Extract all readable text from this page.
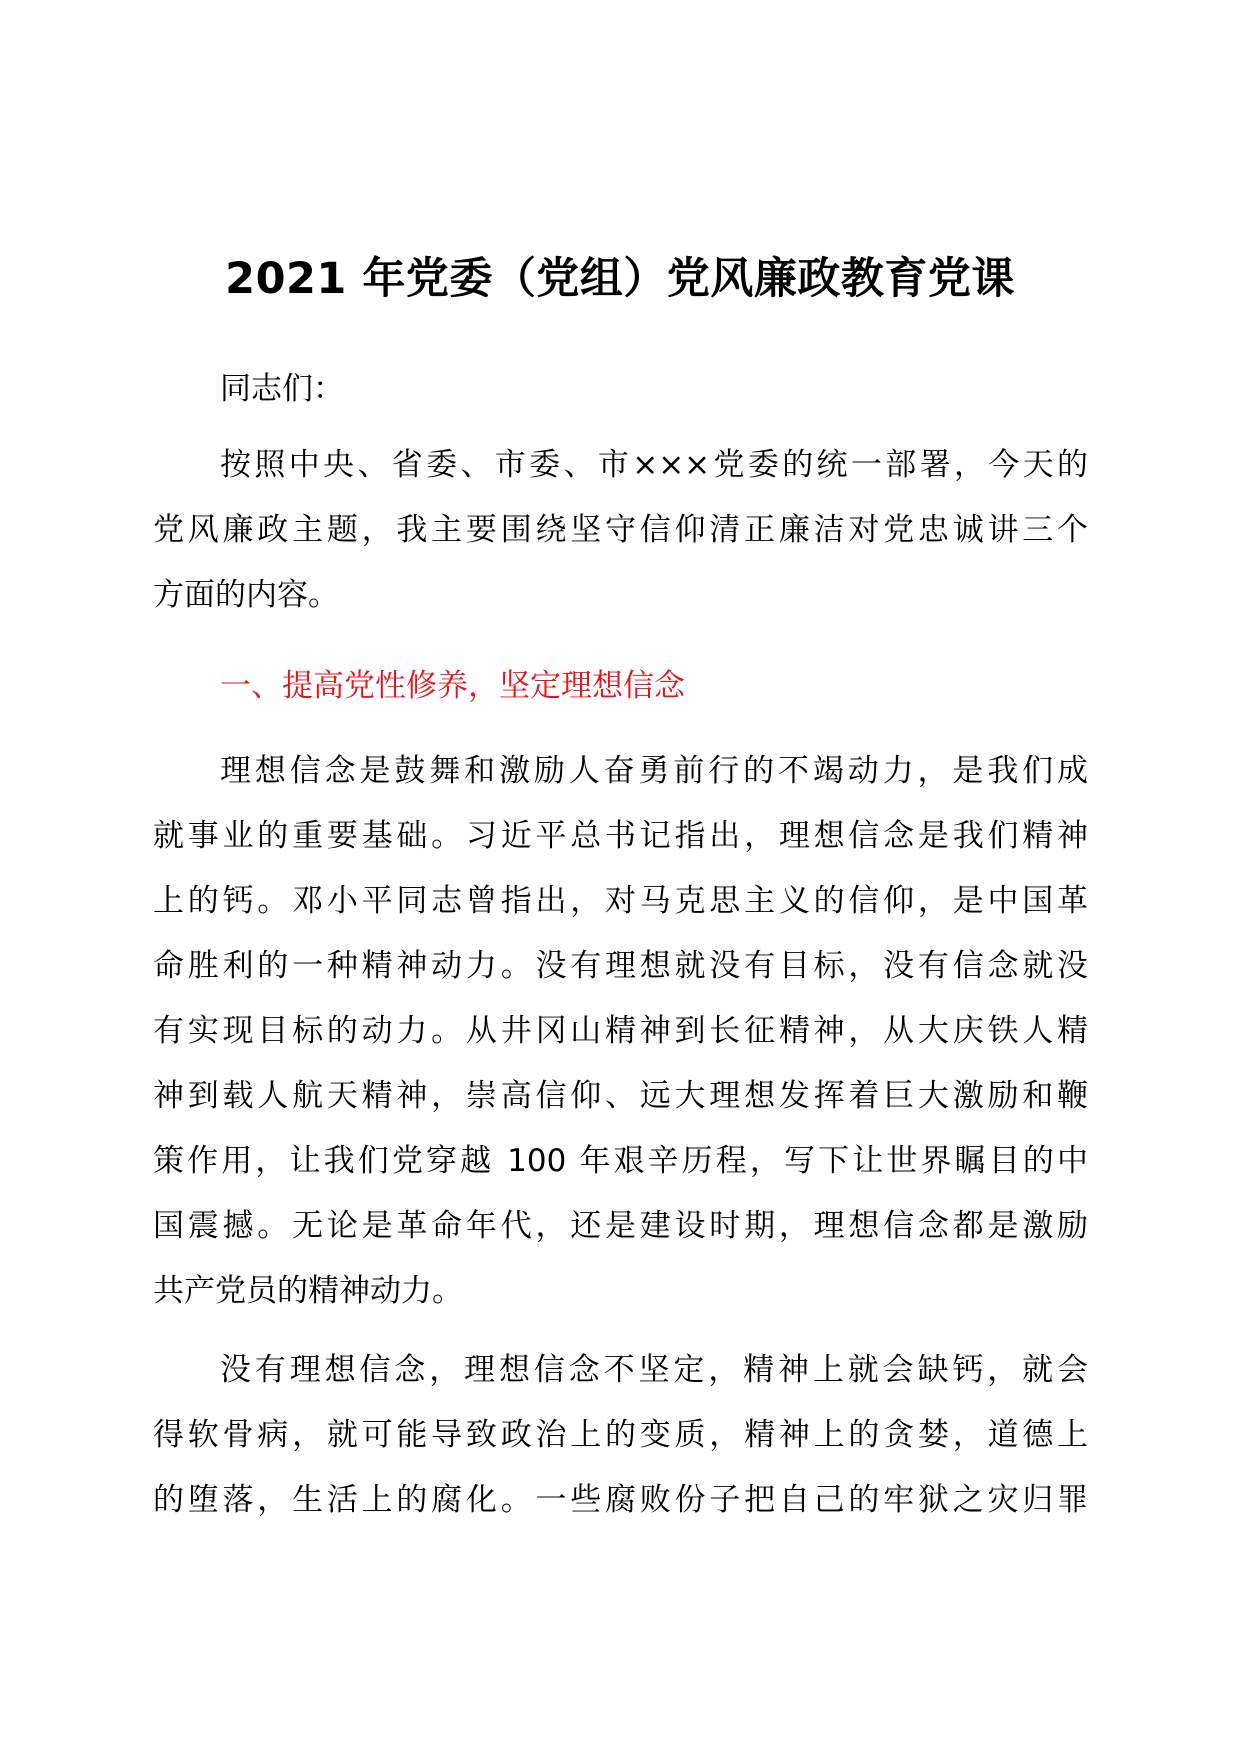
2021 年党委（党组）党风廉政教育党课
同志们：
按照中央、省委、市委、市×××党委的统一部署，今天的
党风廉政主题，我主要围绕坚守信仰清正廉洁对党忠诚讲三个
方面的内容。
一、提高党性修养，坚定理想信念
理想信念是鼓舞和激励人奋勇前行的不竭动力，是我们成
就事业的重要基础。习近平总书记指出，理想信念是我们精神
上的钙。邓小平同志曾指出，对马克思主义的信仰，是中国革
命胜利的一种精神动力。没有理想就没有目标，没有信念就没
有实现目标的动力。从井冈山精神到长征精神，从大庆铁人精
神到载人航天精神，崇高信仰、远大理想发挥着巨大激励和鞭
策作用，让我们党穿越 100 年艰辛历程，写下让世界瞩目的中
国震撼。无论是革命年代，还是建设时期，理想信念都是激励
共产党员的精神动力。
没有理想信念，理想信念不坚定，精神上就会缺钙，就会
得软骨病，就可能导致政治上的变质，精神上的贪婪，道德上
的堕落，生活上的腐化。一些腐败份子把自己的牢狱之灾归罪
